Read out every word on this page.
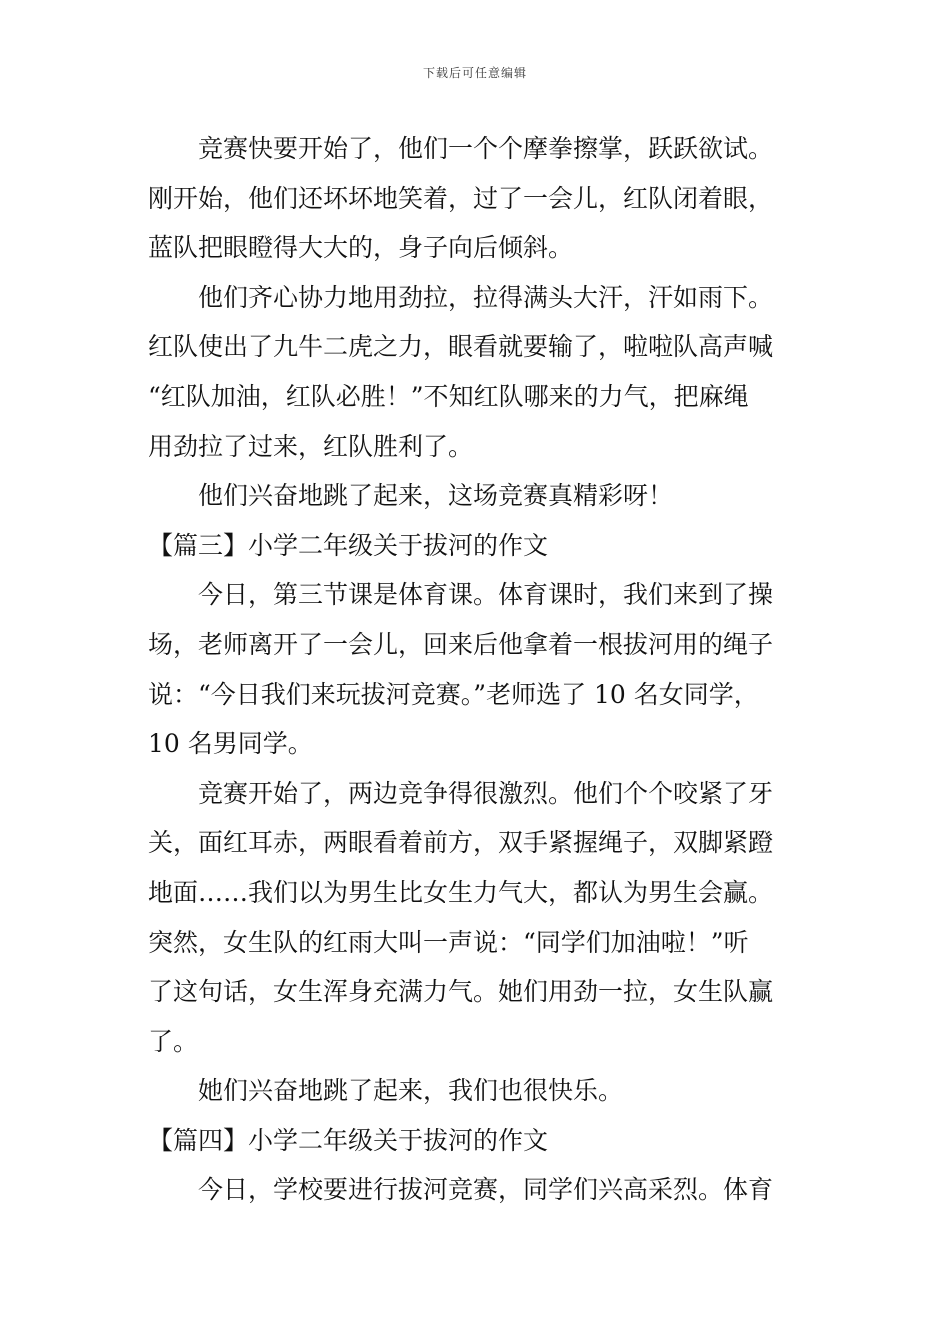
下载后可任意编辑
竞赛快要开始了，他们一个个摩拳擦掌，跃跃欲试。
刚开始，他们还坏坏地笑着，过了一会儿，红队闭着眼，
蓝队把眼瞪得大大的，身子向后倾斜。
他们齐心协力地用劲拉，拉得满头大汗，汗如雨下。
红队使出了九牛二虎之力，眼看就要输了，啦啦队高声喊
“红队加油，红队必胜！”不知红队哪来的力气，把麻绳
用劲拉了过来，红队胜利了。
他们兴奋地跳了起来，这场竞赛真精彩呀！
【篇三】小学二年级关于拔河的作文
今日，第三节课是体育课。体育课时，我们来到了操
场，老师离开了一会儿，回来后他拿着一根拔河用的绳子
说：“今日我们来玩拔河竞赛。”老师选了 10 名女同学，
10 名男同学。
竞赛开始了，两边竞争得很激烈。他们个个咬紧了牙
关，面红耳赤，两眼看着前方，双手紧握绳子，双脚紧蹬
地面……我们以为男生比女生力气大，都认为男生会赢。
突然，女生队的红雨大叫一声说：“同学们加油啦！”听
了这句话，女生浑身充满力气。她们用劲一拉，女生队赢
了。
她们兴奋地跳了起来，我们也很快乐。
【篇四】小学二年级关于拔河的作文
今日，学校要进行拔河竞赛，同学们兴高采烈。体育
